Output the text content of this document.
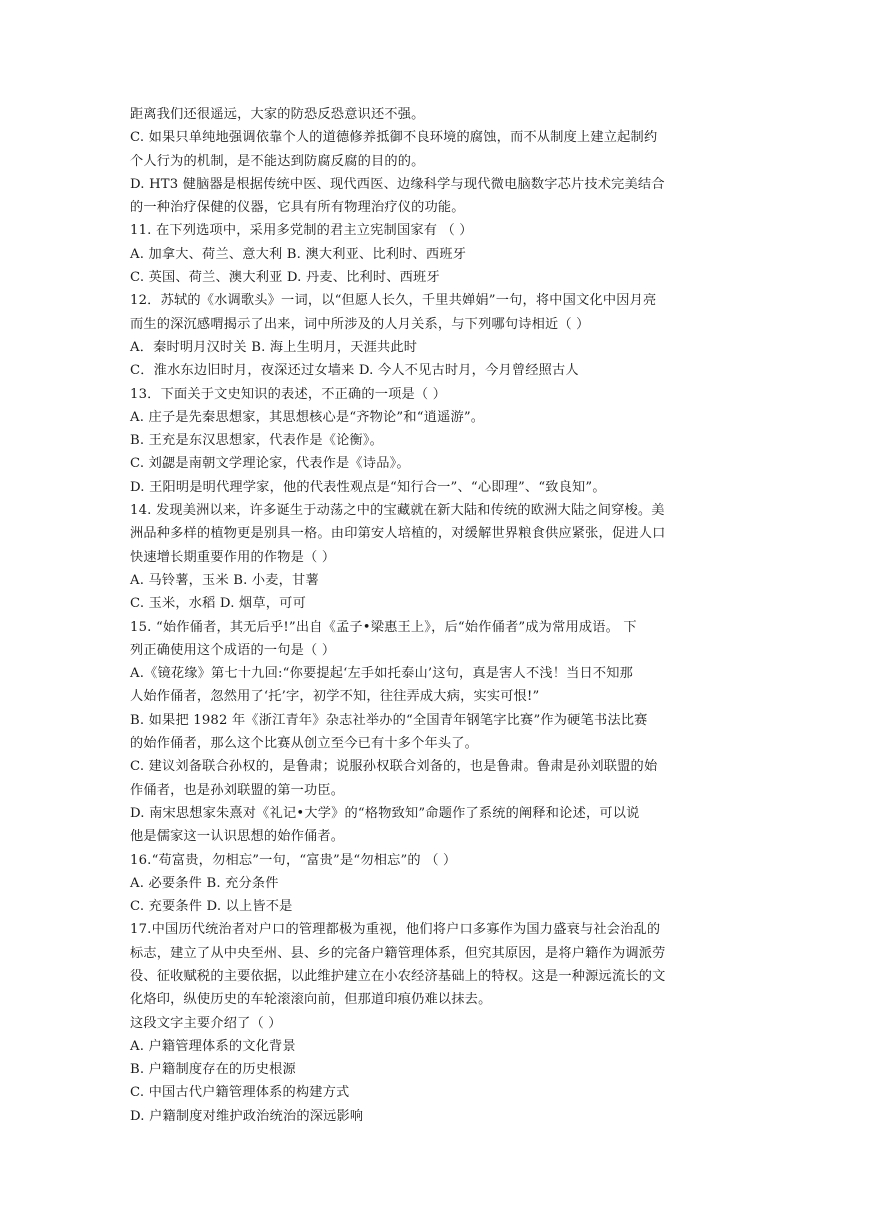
距离我们还很遥远，大家的防恐反恐意识还不强。
C. 如果只单纯地强调依靠个人的道德修养抵御不良环境的腐蚀，而不从制度上建立起制约
个人行为的机制，是不能达到防腐反腐的目的的。
D. HT3 健脑器是根据传统中医、现代西医、边缘科学与现代微电脑数字芯片技术完美结合
的一种治疗保健的仪器，它具有所有物理治疗仪的功能。
11. 在下列选项中，采用多党制的君主立宪制国家有 （ ）
A. 加拿大、荷兰、意大利 B. 澳大利亚、比利时、西班牙
C. 英国、荷兰、澳大利亚 D. 丹麦、比利时、西班牙
12．苏轼的《水调歌头》一词，以“但愿人长久，千里共婵娟”一句，将中国文化中因月亮
而生的深沉感喟揭示了出来，词中所涉及的人月关系，与下列哪句诗相近（ ）
A．秦时明月汉时关 B. 海上生明月，天涯共此时
C．淮水东边旧时月，夜深还过女墙来 D. 今人不见古时月，今月曾经照古人
13．下面关于文史知识的表述，不正确的一项是（ ）
A. 庄子是先秦思想家，其思想核心是“齐物论”和“逍遥游”。
B. 王充是东汉思想家，代表作是《论衡》。
C. 刘勰是南朝文学理论家，代表作是《诗品》。
D. 王阳明是明代理学家，他的代表性观点是“知行合一”、“心即理”、“致良知”。
14. 发现美洲以来，许多诞生于动荡之中的宝藏就在新大陆和传统的欧洲大陆之间穿梭。美
洲品种多样的植物更是别具一格。由印第安人培植的，对缓解世界粮食供应紧张，促进人口
快速增长期重要作用的作物是（ ）
A. 马铃薯，玉米 B. 小麦，甘薯
C. 玉米，水稻 D. 烟草，可可
15. “始作俑者，其无后乎!”出自《孟子•梁惠王上》，后“始作俑者”成为常用成语。 下
列正确使用这个成语的一句是（ ）
A.《镜花缘》第七十九回:“你要提起‘左手如托泰山’这句，真是害人不浅！当日不知那
人始作俑者，忽然用了‘托’字，初学不知，往往弄成大病，实实可恨!”
B. 如果把 1982 年《浙江青年》杂志社举办的“全国青年钢笔字比赛”作为硬笔书法比赛
的始作俑者，那么这个比赛从创立至今已有十多个年头了。
C. 建议刘备联合孙权的，是鲁肃；说服孙权联合刘备的，也是鲁肃。鲁肃是孙刘联盟的始
作俑者，也是孙刘联盟的第一功臣。
D. 南宋思想家朱熹对《礼记•大学》的“格物致知”命题作了系统的阐释和论述，可以说
他是儒家这一认识思想的始作俑者。
16.“苟富贵，勿相忘”一句，“富贵”是“勿相忘”的 （ ）
A. 必要条件 B. 充分条件
C. 充要条件 D. 以上皆不是
17.中国历代统治者对户口的管理都极为重视，他们将户口多寡作为国力盛衰与社会治乱的
标志，建立了从中央至州、县、乡的完备户籍管理体系，但究其原因，是将户籍作为调派劳
役、征收赋税的主要依据，以此维护建立在小农经济基础上的特权。这是一种源远流长的文
化烙印，纵使历史的车轮滚滚向前，但那道印痕仍难以抹去。
这段文字主要介绍了（ ）
A. 户籍管理体系的文化背景
B. 户籍制度存在的历史根源
C. 中国古代户籍管理体系的构建方式
D. 户籍制度对维护政治统治的深远影响
